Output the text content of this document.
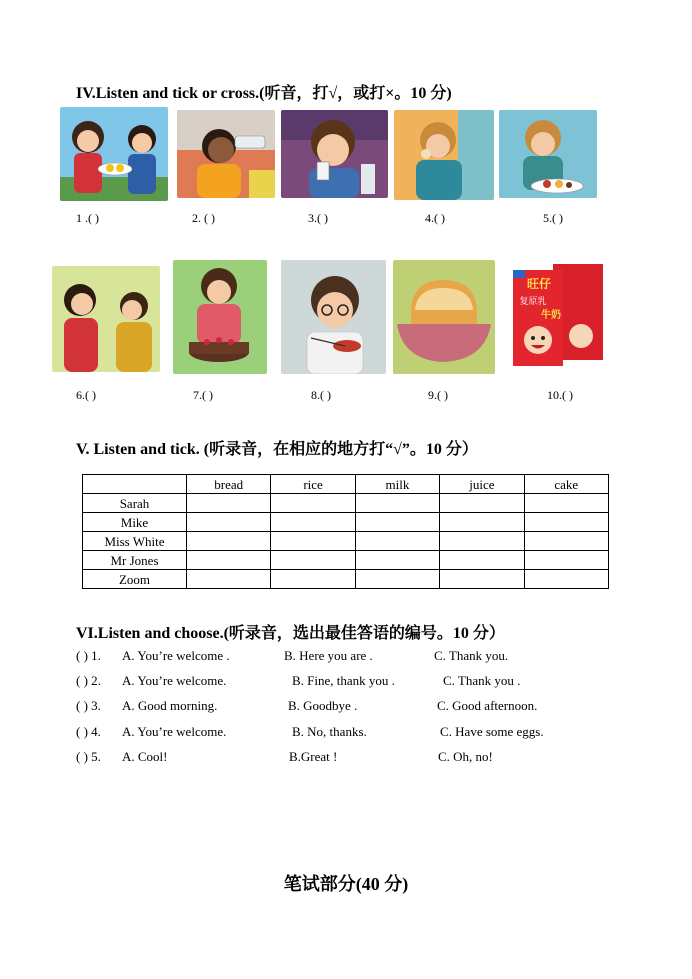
IV.Listen and tick or cross.(听音，打√，或打×。10 分)
1 .( )	2. ( )	3.( )	4.( )	5.( )
旺仔
复原乳
牛奶
6.( )	7.( )	8.( )	9.( )	10.( )
V. Listen and tick. (听录音，在相应的地方打“√”。10 分）
	bread	rice	milk	juice	cake
Sarah					
Mike					
Miss White					
Mr Jones					
Zoom					
VI.Listen and choose.(听录音，选出最佳答语的编号。10 分）
( ) 1. A. You’re welcome .	B. Here you are .	C. Thank you.
( ) 2. A. You’re welcome.	B. Fine, thank you .	C. Thank you .
( ) 3. A. Good morning.	B. Goodbye .	C. Good afternoon.
( ) 4. A. You’re welcome.	B. No, thanks.	C. Have some eggs.
( ) 5. A. Cool!	B.Great !	C. Oh, no!
笔试部分(40 分)
